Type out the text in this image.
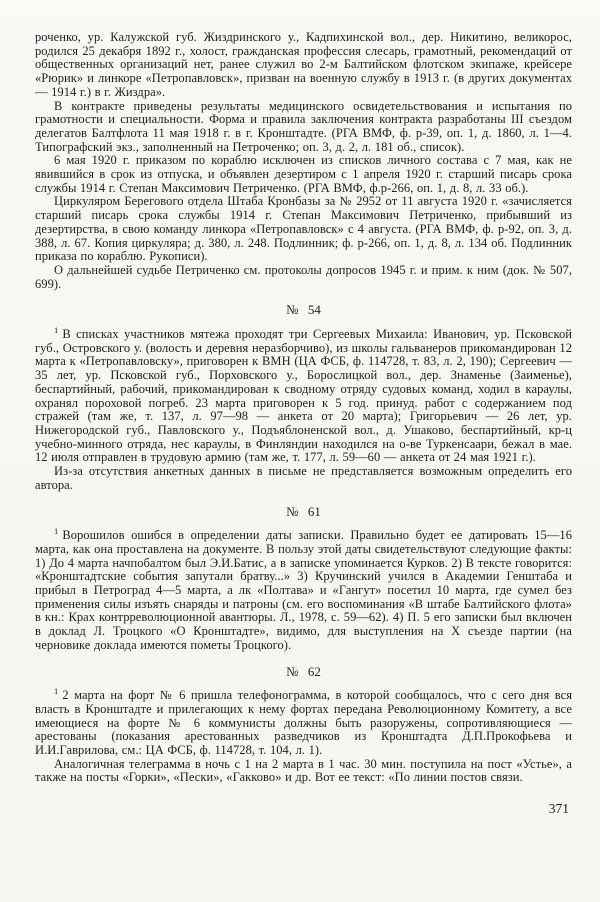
роченко, ур. Калужской губ. Жиздринского у., Кадпихинской вол., дер. Никитино, великорос, родился 25 декабря 1892 г., холост, гражданская профессия слесарь, грамотный, рекомендаций от общественных организаций нет, ранее служил во 2-м Балтийском флотском экипаже, крейсере «Рюрик» и линкоре «Петропавловск», призван на военную службу в 1913 г. (в других документах — 1914 г.) в г. Жиздра».

В контракте приведены результаты медицинского освидетельствования и испытания по грамотности и специальности. Форма и правила заключения контракта разработаны III съездом делегатов Балтфлота 11 мая 1918 г. в г. Кронштадте. (РГА ВМФ, ф. р-39, оп. 1, д. 1860, л. 1—4. Типографский экз., заполненный на Петроченко; оп. 3, д. 2, л. 181 об., список).

6 мая 1920 г. приказом по кораблю исключен из списков личного состава с 7 мая, как не явившийся в срок из отпуска, и объявлен дезертиром с 1 апреля 1920 г. старший писарь срока службы 1914 г. Степан Максимович Петриченко. (РГА ВМФ, ф.р-266, оп. 1, д. 8, л. 33 об.).

Циркуляром Берегового отдела Штаба Кронбазы за № 2952 от 11 августа 1920 г. «зачисляется старший писарь срока службы 1914 г. Степан Максимович Петриченко, прибывший из дезертирства, в свою команду линкора «Петропавловск» с 4 августа. (РГА ВМФ, ф. р-92, оп. 3, д. 388, л. 67. Копия циркуляра; д. 380, л. 248. Подлинник; ф. р-266, оп. 1, д. 8, л. 134 об. Подлинник приказа по кораблю. Рукописи).

О дальнейшей судьбе Петриченко см. протоколы допросов 1945 г. и прим. к ним (док. № 507, 699).

№ 54

$^1$ В списках участников мятежа проходят три Сергеевых Михаила: Иванович, ур. Псковской губ., Островского у. (волость и деревня неразборчиво), из школы гальванеров прикомандирован 12 марта к «Петропавловску», приговорен к ВМН (ЦА ФСБ, ф. 114728, т. 83, л. 2, 190); Сергеевич — 35 лет, ур. Псковской губ., Порховского у., Борослицкой вол., дер. Знаменье (Заименье), беспартийный, рабочий, прикомандирован к сводному отряду судовых команд, ходил в караулы, охранял пороховой погреб. 23 марта приговорен к 5 год. принуд. работ с содержанием под стражей (там же, т. 137, л. 97—98 — анкета от 20 марта); Григорьевич — 26 лет, ур. Нижегородской губ., Павловского у., Подъяблоненской вол., д. Ушаково, беспартийный, кр-ц учебно-минного отряда, нес караулы, в Финляндии находился на о-ве Туркенсаари, бежал в мае. 12 июля отправлен в трудовую армию (там же, т. 177, л. 59—60 — анкета от 24 мая 1921 г.).

Из-за отсутствия анкетных данных в письме не представляется возможным определить его автора.

№ 61

$^1$ Ворошилов ошибся в определении даты записки. Правильно будет ее датировать 15—16 марта, как она проставлена на документе. В пользу этой даты свидетельствуют следующие факты: 1) До 4 марта начпобалтом был Э.И.Батис, а в записке упоминается Курков. 2) В тексте говорится: «Кронштадтские события запутали братву...» 3) Кручинский учился в Академии Генштаба и прибыл в Петроград 4—5 марта, а лк «Полтава» и «Гангут» посетил 10 марта, где сумел без применения силы изъять снаряды и патроны (см. его воспоминания «В штабе Балтийского флота» в кн.: Крах контрреволюционной авантюры. Л., 1978, с. 59—62). 4) П. 5 его записки был включен в доклад Л. Троцкого «О Кронштадте», видимо, для выступления на X съезде партии (на черновике доклада имеются пометы Троцкого).

№ 62

$^1$ 2 марта на форт № 6 пришла телефонограмма, в которой сообщалось, что с сего дня вся власть в Кронштадте и прилегающих к нему фортах передана Революционному Комитету, а все имеющиеся на форте № 6 коммунисты должны быть разоружены, сопротивляющиеся — арестованы (показания арестованных разведчиков из Кронштадта Д.П.Прокофьева и И.И.Гаврилова, см.: ЦА ФСБ, ф. 114728, т. 104, л. 1).

Аналогичная телеграмма в ночь с 1 на 2 марта в 1 час. 30 мин. поступила на пост «Устье», а также на посты «Горки», «Пески», «Гакково» и др. Вот ее текст: «По линии постов связи.

371
